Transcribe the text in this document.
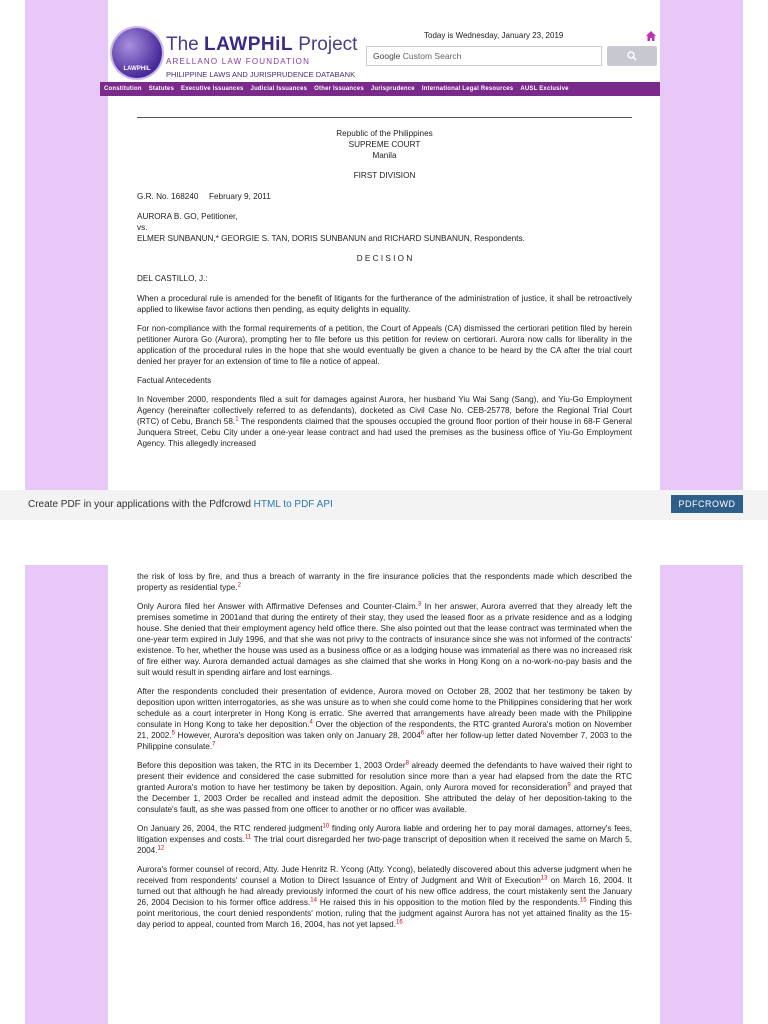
LAWPHiL
The LAWPHiL Project
ARELLANO LAW FOUNDATION
PHILIPPINE LAWS AND JURISPRUDENCE DATABANK
Today is Wednesday, January 23, 2019
Google Custom Search
Constitution Statutes Executive Issuances Judicial Issuances Other Issuances Jurisprudence International Legal Resources AUSL Exclusive
Republic of the Philippines
SUPREME COURT
Manila
FIRST DIVISION
G.R. No. 168240 February 9, 2011
AURORA B. GO, Petitioner,
vs.
ELMER SUNBANUN,* GEORGIE S. TAN, DORIS SUNBANUN and RICHARD SUNBANUN, Respondents.
D E C I S I O N
DEL CASTILLO, J.:

When a procedural rule is amended for the benefit of litigants for the furtherance of the administration of justice, it shall be retroactively applied to likewise favor actions then pending, as equity delights in equality.

For non-compliance with the formal requirements of a petition, the Court of Appeals (CA) dismissed the certiorari petition filed by herein petitioner Aurora Go (Aurora), prompting her to file before us this petition for review on certiorari. Aurora now calls for liberality in the application of the procedural rules in the hope that she would eventually be given a chance to be heard by the CA after the trial court denied her prayer for an extension of time to file a notice of appeal.

Factual Antecedents

In November 2000, respondents filed a suit for damages against Aurora, her husband Yiu Wai Sang (Sang), and Yiu-Go Employment Agency (hereinafter collectively referred to as defendants), docketed as Civil Case No. CEB-25778, before the Regional Trial Court (RTC) of Cebu, Branch 58.$^1$ The respondents claimed that the spouses occupied the ground floor portion of their house in 68-F General Junquera Street, Cebu City under a one-year lease contract and had used the premises as the business office of Yiu-Go Employment Agency. This allegedly increased

Create PDF in your applications with the Pdfcrowd HTML to PDF API	PDFCROWD

the risk of loss by fire, and thus a breach of warranty in the fire insurance policies that the respondents made which described the property as residential type.$^2$

Only Aurora filed her Answer with Affirmative Defenses and Counter-Claim.$^3$ In her answer, Aurora averred that they already left the premises sometime in 2001and that during the entirety of their stay, they used the leased floor as a private residence and as a lodging house. She denied that their employment agency held office there. She also pointed out that the lease contract was terminated when the one-year term expired in July 1996, and that she was not privy to the contracts of insurance since she was not informed of the contracts' existence. To her, whether the house was used as a business office or as a lodging house was immaterial as there was no increased risk of fire either way. Aurora demanded actual damages as she claimed that she works in Hong Kong on a no-work-no-pay basis and the suit would result in spending airfare and lost earnings.

After the respondents concluded their presentation of evidence, Aurora moved on October 28, 2002 that her testimony be taken by deposition upon written interrogatories, as she was unsure as to when she could come home to the Philippines considering that her work schedule as a court interpreter in Hong Kong is erratic. She averred that arrangements have already been made with the Philippine consulate in Hong Kong to take her deposition.$^4$ Over the objection of the respondents, the RTC granted Aurora's motion on November 21, 2002.$^5$ However, Aurora's deposition was taken only on January 28, 2004$^6$ after her follow-up letter dated November 7, 2003 to the Philippine consulate.$^7$

Before this deposition was taken, the RTC in its December 1, 2003 Order$^8$ already deemed the defendants to have waived their right to present their evidence and considered the case submitted for resolution since more than a year had elapsed from the date the RTC granted Aurora's motion to have her testimony be taken by deposition. Again, only Aurora moved for reconsideration$^9$ and prayed that the December 1, 2003 Order be recalled and instead admit the deposition. She attributed the delay of her deposition-taking to the consulate's fault, as she was passed from one officer to another or no officer was available.

On January 26, 2004, the RTC rendered judgment$^{10}$ finding only Aurora liable and ordering her to pay moral damages, attorney's fees, litigation expenses and costs.$^{11}$ The trial court disregarded her two-page transcript of deposition when it received the same on March 5, 2004.12

Aurora's former counsel of record, Atty. Jude Henritz R. Ycong (Atty. Ycong), belatedly discovered about this adverse judgment when he received from respondents' counsel a Motion to Direct Issuance of Entry of Judgment and Writ of Execution$^{13}$ on March 16, 2004. It turned out that although he had already previously informed the court of his new office address, the court mistakenly sent the January 26, 2004 Decision to his former office address.$^{14}$ He raised this in his opposition to the motion filed by the respondents.$^{15}$ Finding this point meritorious, the court denied respondents' motion, ruling that the judgment against Aurora has not yet attained finality as the 15-day period to appeal, counted from March 16, 2004, has not yet lapsed.$^{16}$
